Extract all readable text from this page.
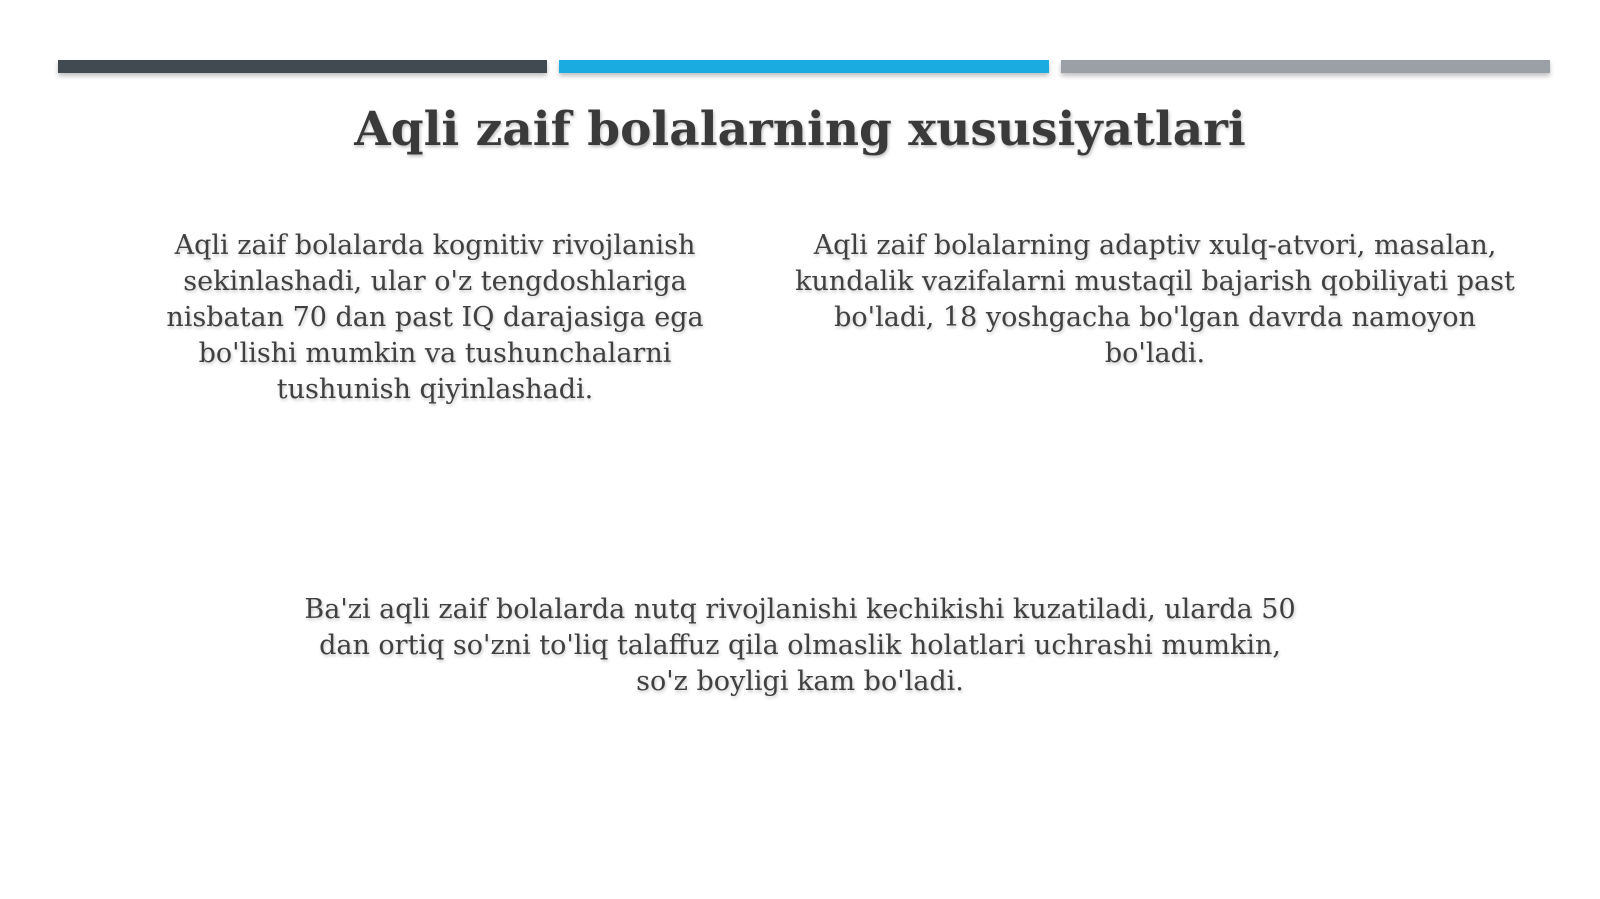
Aqli zaif bolalarning xususiyatlari

Aqli zaif bolalarda kognitiv rivojlanish sekinlashadi, ular o'z tengdoshlariga nisbatan 70 dan past IQ darajasiga ega bo'lishi mumkin va tushunchalarni tushunish qiyinlashadi.

Aqli zaif bolalarning adaptiv xulq-atvori, masalan, kundalik vazifalarni mustaqil bajarish qobiliyati past bo'ladi, 18 yoshgacha bo'lgan davrda namoyon bo'ladi.

Ba'zi aqli zaif bolalarda nutq rivojlanishi kechikishi kuzatiladi, ularda 50 dan ortiq so'zni to'liq talaffuz qila olmaslik holatlari uchrashi mumkin, so'z boyligi kam bo'ladi.
